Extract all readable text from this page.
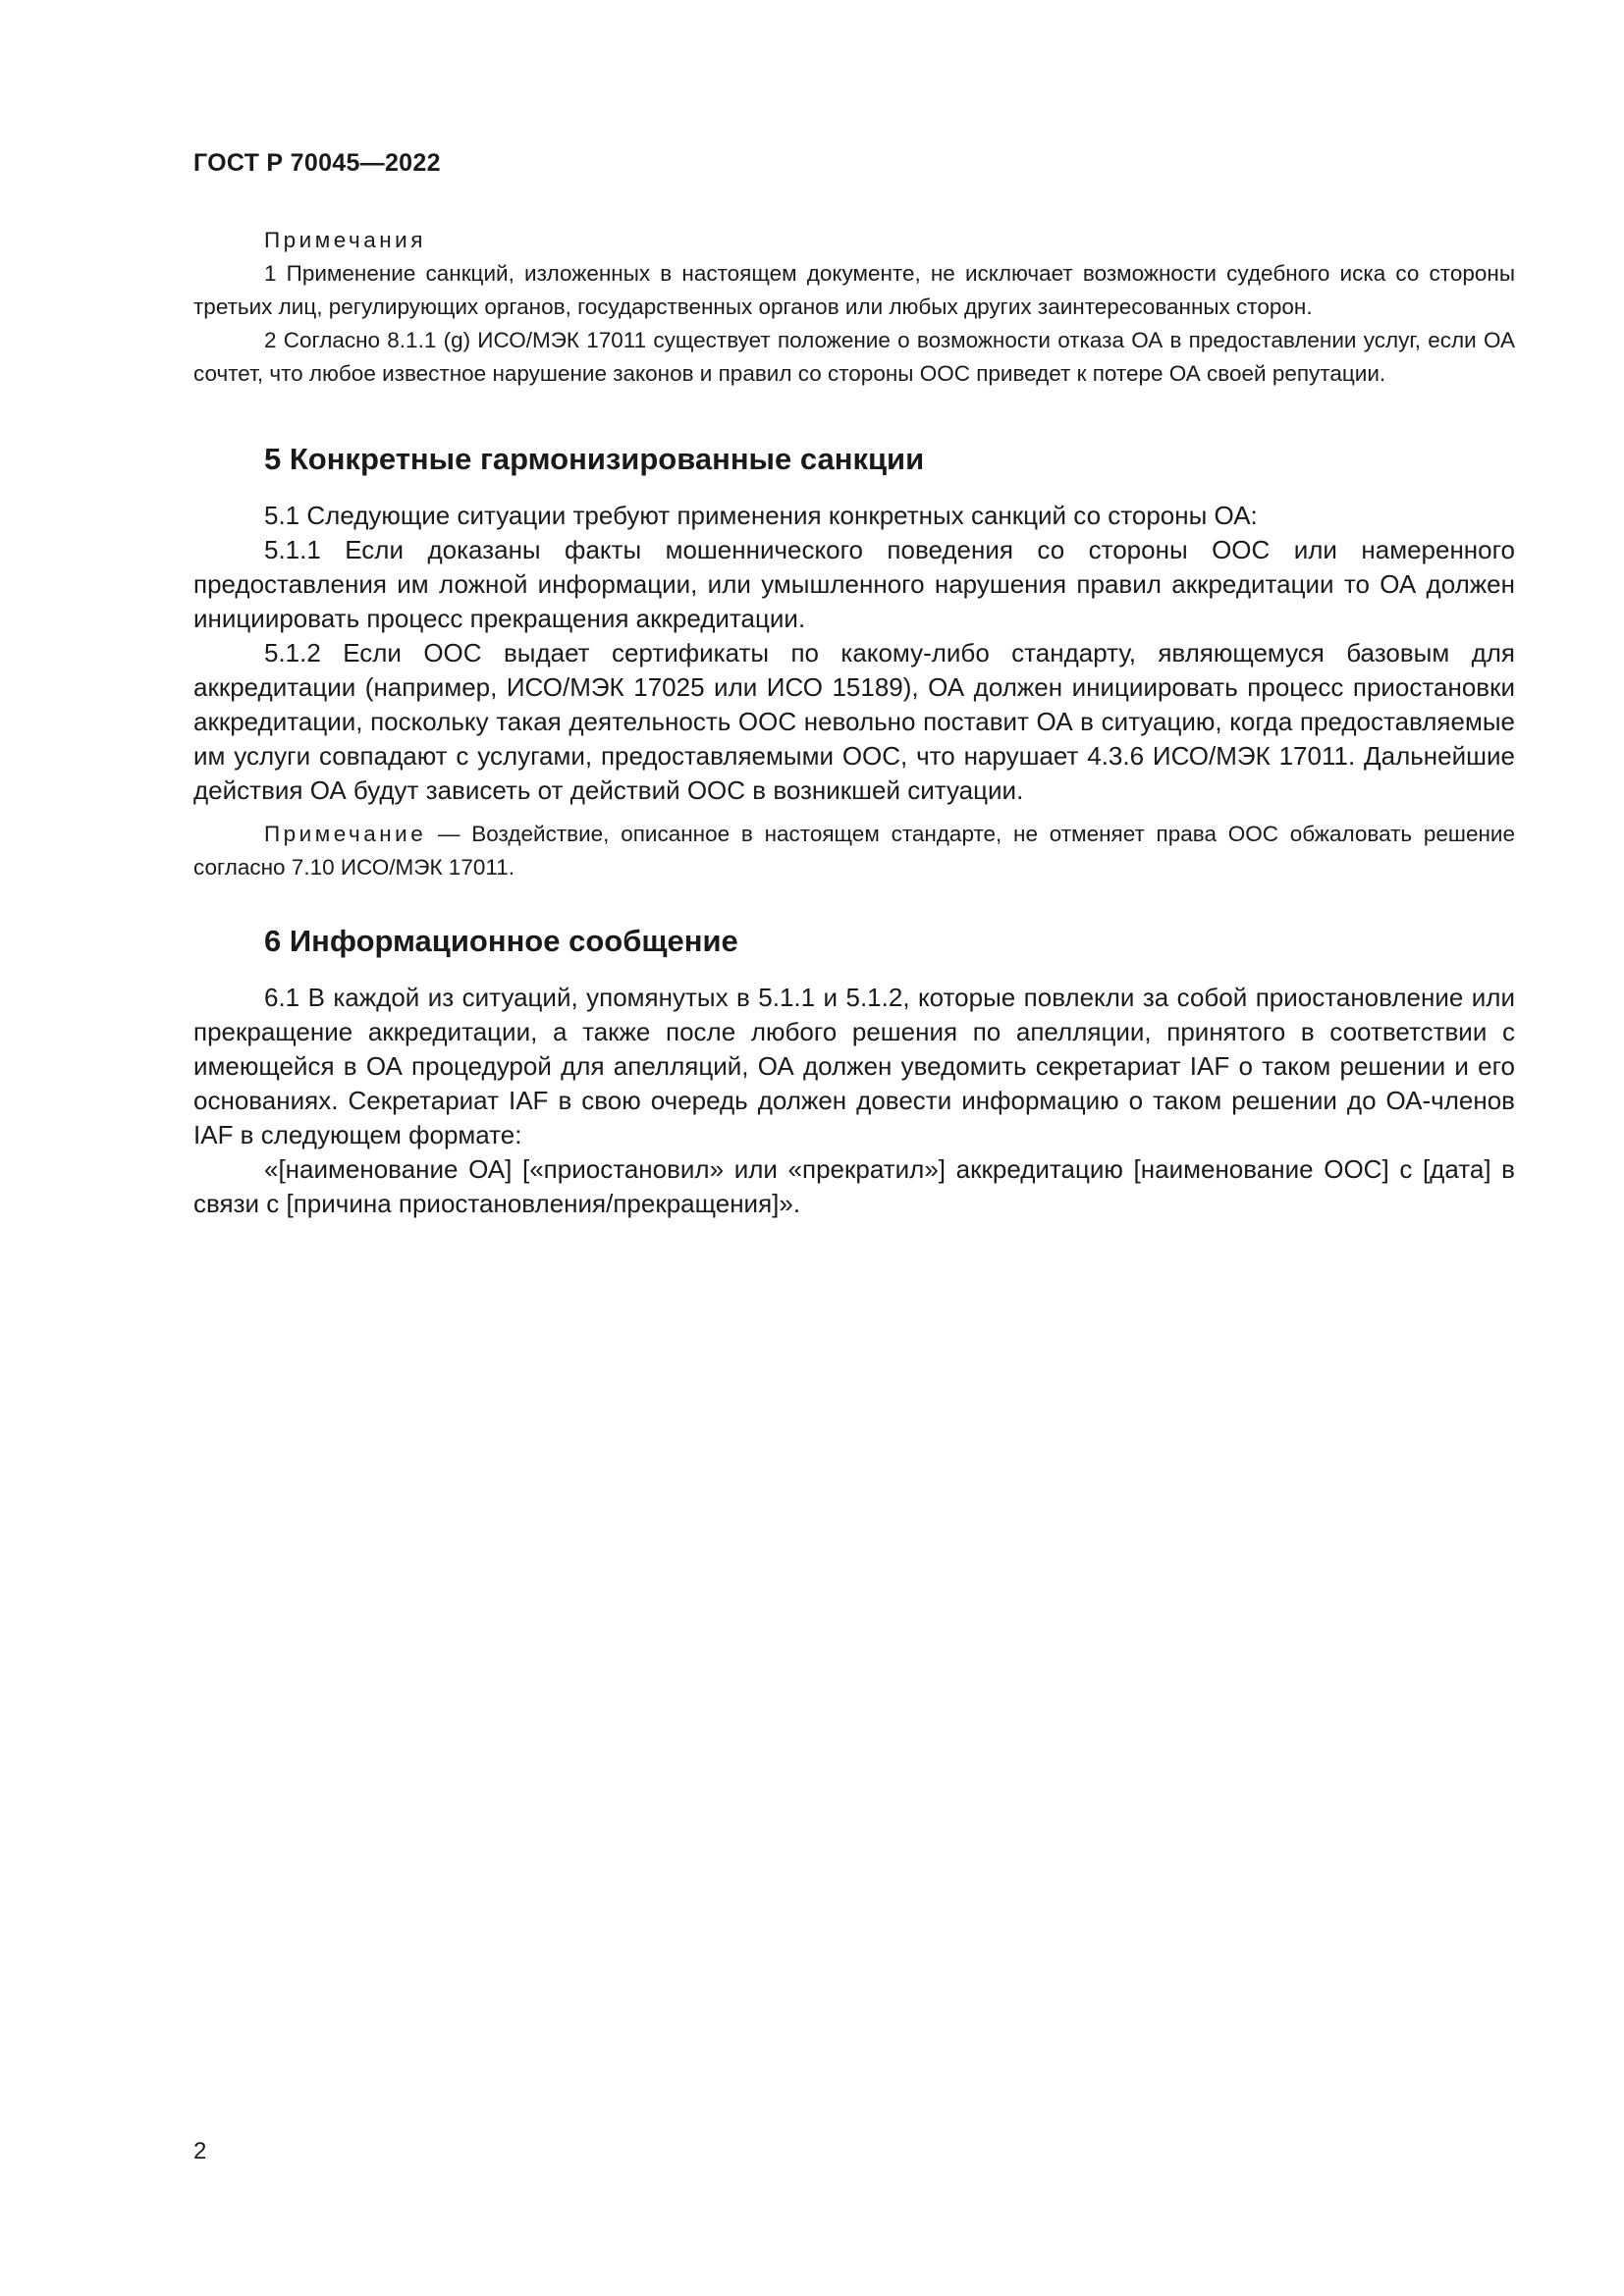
ГОСТ Р 70045—2022

Примечания

1 Применение санкций, изложенных в настоящем документе, не исключает возможности судебного иска со стороны третьих лиц, регулирующих органов, государственных органов или любых других заинтересованных сторон.

2 Согласно 8.1.1 (g) ИСО/МЭК 17011 существует положение о возможности отказа ОА в предоставлении услуг, если ОА сочтет, что любое известное нарушение законов и правил со стороны ООС приведет к потере ОА своей репутации.

5 Конкретные гармонизированные санкции

5.1 Следующие ситуации требуют применения конкретных санкций со стороны ОА:

5.1.1 Если доказаны факты мошеннического поведения со стороны ООС или намеренного предоставления им ложной информации, или умышленного нарушения правил аккредитации то ОА должен инициировать процесс прекращения аккредитации.

5.1.2 Если ООС выдает сертификаты по какому-либо стандарту, являющемуся базовым для аккредитации (например, ИСО/МЭК 17025 или ИСО 15189), ОА должен инициировать процесс приостановки аккредитации, поскольку такая деятельность ООС невольно поставит ОА в ситуацию, когда предоставляемые им услуги совпадают с услугами, предоставляемыми ООС, что нарушает 4.3.6 ИСО/МЭК 17011. Дальнейшие действия ОА будут зависеть от действий ООС в возникшей ситуации.

Примечание — Воздействие, описанное в настоящем стандарте, не отменяет права ООС обжаловать решение согласно 7.10 ИСО/МЭК 17011.

6 Информационное сообщение

6.1 В каждой из ситуаций, упомянутых в 5.1.1 и 5.1.2, которые повлекли за собой приостановление или прекращение аккредитации, а также после любого решения по апелляции, принятого в соответствии с имеющейся в ОА процедурой для апелляций, ОА должен уведомить секретариат IAF о таком решении и его основаниях. Секретариат IAF в свою очередь должен довести информацию о таком решении до ОА-членов IAF в следующем формате:

«[наименование ОА] [«приостановил» или «прекратил»] аккредитацию [наименование ООС] с [дата] в связи с [причина приостановления/прекращения]».

2
